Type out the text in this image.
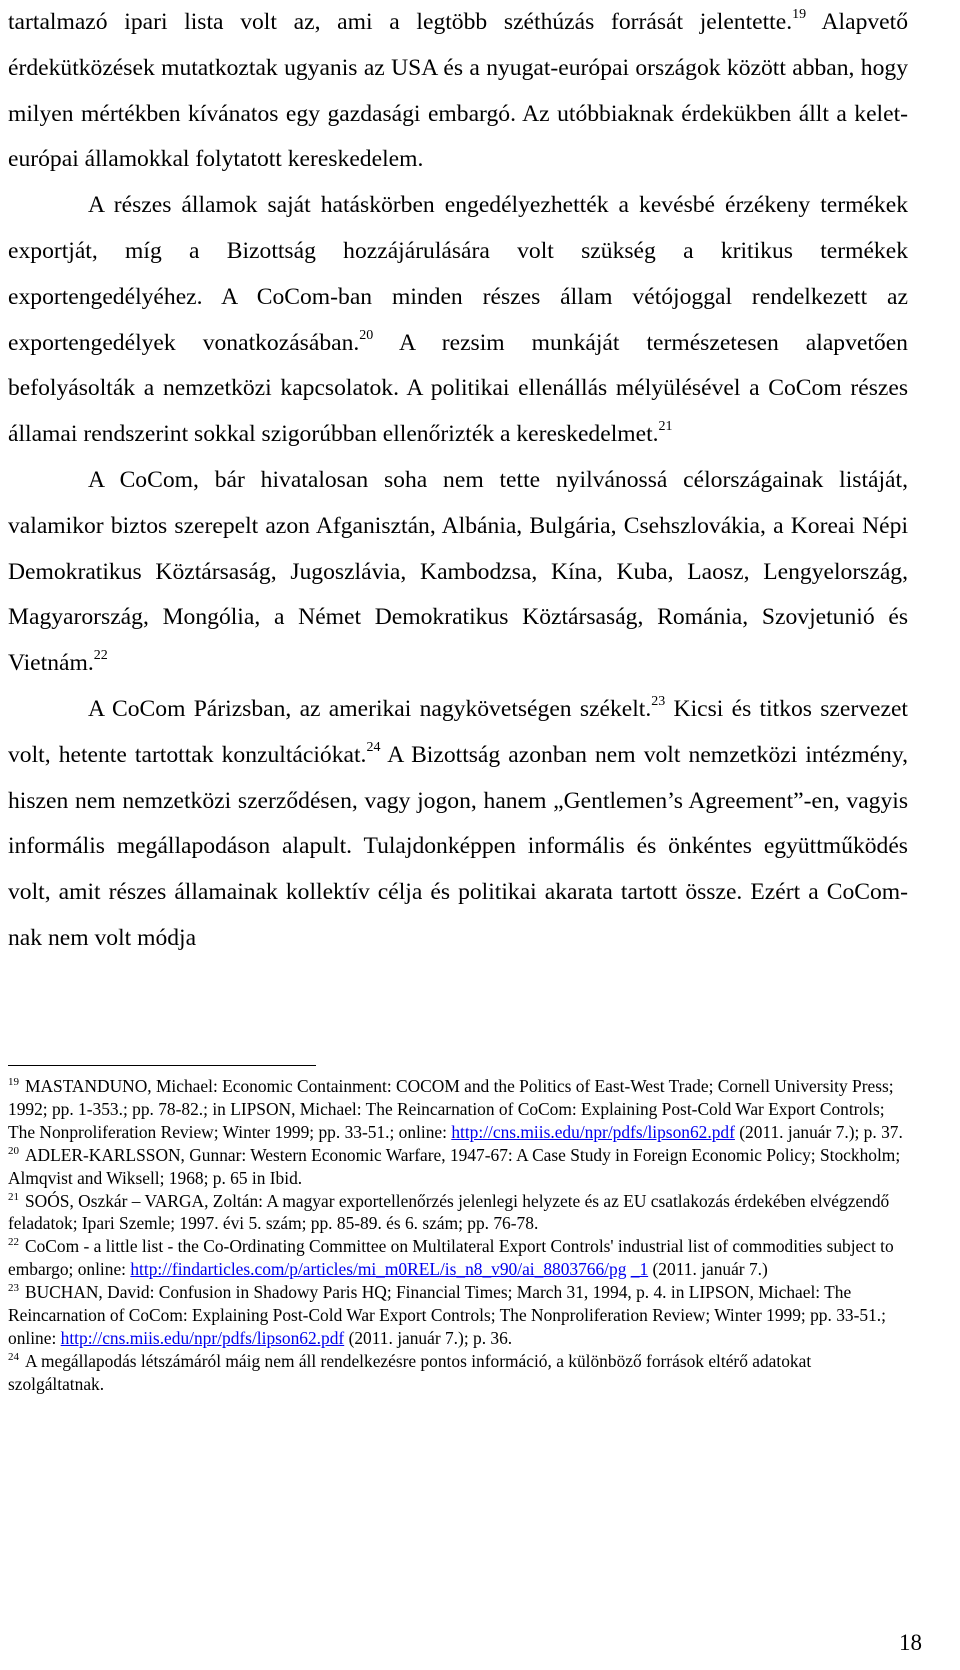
tartalmazó ipari lista volt az, ami a legtöbb széthúzás forrását jelentette.$^{19}$ Alapvető érdekütközések mutatkoztak ugyanis az USA és a nyugat-európai országok között abban, hogy milyen mértékben kívánatos egy gazdasági embargó. Az utóbbiaknak érdekükben állt a kelet-európai államokkal folytatott kereskedelem.

A részes államok saját hatáskörben engedélyezhették a kevésbé érzékeny termékek exportját, míg a Bizottság hozzájárulására volt szükség a kritikus termékek exportengedélyéhez. A CoCom-ban minden részes állam vétójoggal rendelkezett az exportengedélyek vonatkozásában.$^{20}$ A rezsim munkáját természetesen alapvetően befolyásolták a nemzetközi kapcsolatok. A politikai ellenállás mélyülésével a CoCom részes államai rendszerint sokkal szigorúbban ellenőrizték a kereskedelmet.$^{21}$

A CoCom, bár hivatalosan soha nem tette nyilvánossá célországainak listáját, valamikor biztos szerepelt azon Afganisztán, Albánia, Bulgária, Csehszlovákia, a Koreai Népi Demokratikus Köztársaság, Jugoszlávia, Kambodzsa, Kína, Kuba, Laosz, Lengyelország, Magyarország, Mongólia, a Német Demokratikus Köztársaság, Románia, Szovjetunió és Vietnám.$^{22}$

A CoCom Párizsban, az amerikai nagykövetségen székelt.$^{23}$ Kicsi és titkos szervezet volt, hetente tartottak konzultációkat.$^{24}$ A Bizottság azonban nem volt nemzetközi intézmény, hiszen nem nemzetközi szerződésen, vagy jogon, hanem „Gentlemen’s Agreement”-en, vagyis informális megállapodáson alapult. Tulajdonképpen informális és önkéntes együttműködés volt, amit részes államainak kollektív célja és politikai akarata tartott össze. Ezért a CoCom-nak nem volt módja

$^{19}$ MASTANDUNO, Michael: Economic Containment: COCOM and the Politics of East-West Trade; Cornell University Press; 1992; pp. 1-353.; pp. 78-82.; in LIPSON, Michael: The Reincarnation of CoCom: Explaining Post-Cold War Export Controls; The Nonproliferation Review; Winter 1999; pp. 33-51.; online: http://cns.miis.edu/npr/pdfs/lipson62.pdf (2011. január 7.); p. 37.

$^{20}$ ADLER-KARLSSON, Gunnar: Western Economic Warfare, 1947-67: A Case Study in Foreign Economic Policy; Stockholm; Almqvist and Wiksell; 1968; p. 65 in Ibid.

$^{21}$ SOÓS, Oszkár – VARGA, Zoltán: A magyar exportellenőrzés jelenlegi helyzete és az EU csatlakozás érdekében elvégzendő feladatok; Ipari Szemle; 1997. évi 5. szám; pp. 85-89. és 6. szám; pp. 76-78.

$^{22}$ CoCom - a little list - the Co-Ordinating Committee on Multilateral Export Controls' industrial list of commodities subject to embargo; online: http://findarticles.com/p/articles/mi_m0REL/is_n8_v90/ai_8803766/pg _1 (2011. január 7.)

$^{23}$ BUCHAN, David: Confusion in Shadowy Paris HQ; Financial Times; March 31, 1994, p. 4. in LIPSON, Michael: The Reincarnation of CoCom: Explaining Post-Cold War Export Controls; The Nonproliferation Review; Winter 1999; pp. 33-51.; online: http://cns.miis.edu/npr/pdfs/lipson62.pdf (2011. január 7.); p. 36.

$^{24}$ A megállapodás létszámáról máig nem áll rendelkezésre pontos információ, a különböző források eltérő adatokat szolgáltatnak.

18
